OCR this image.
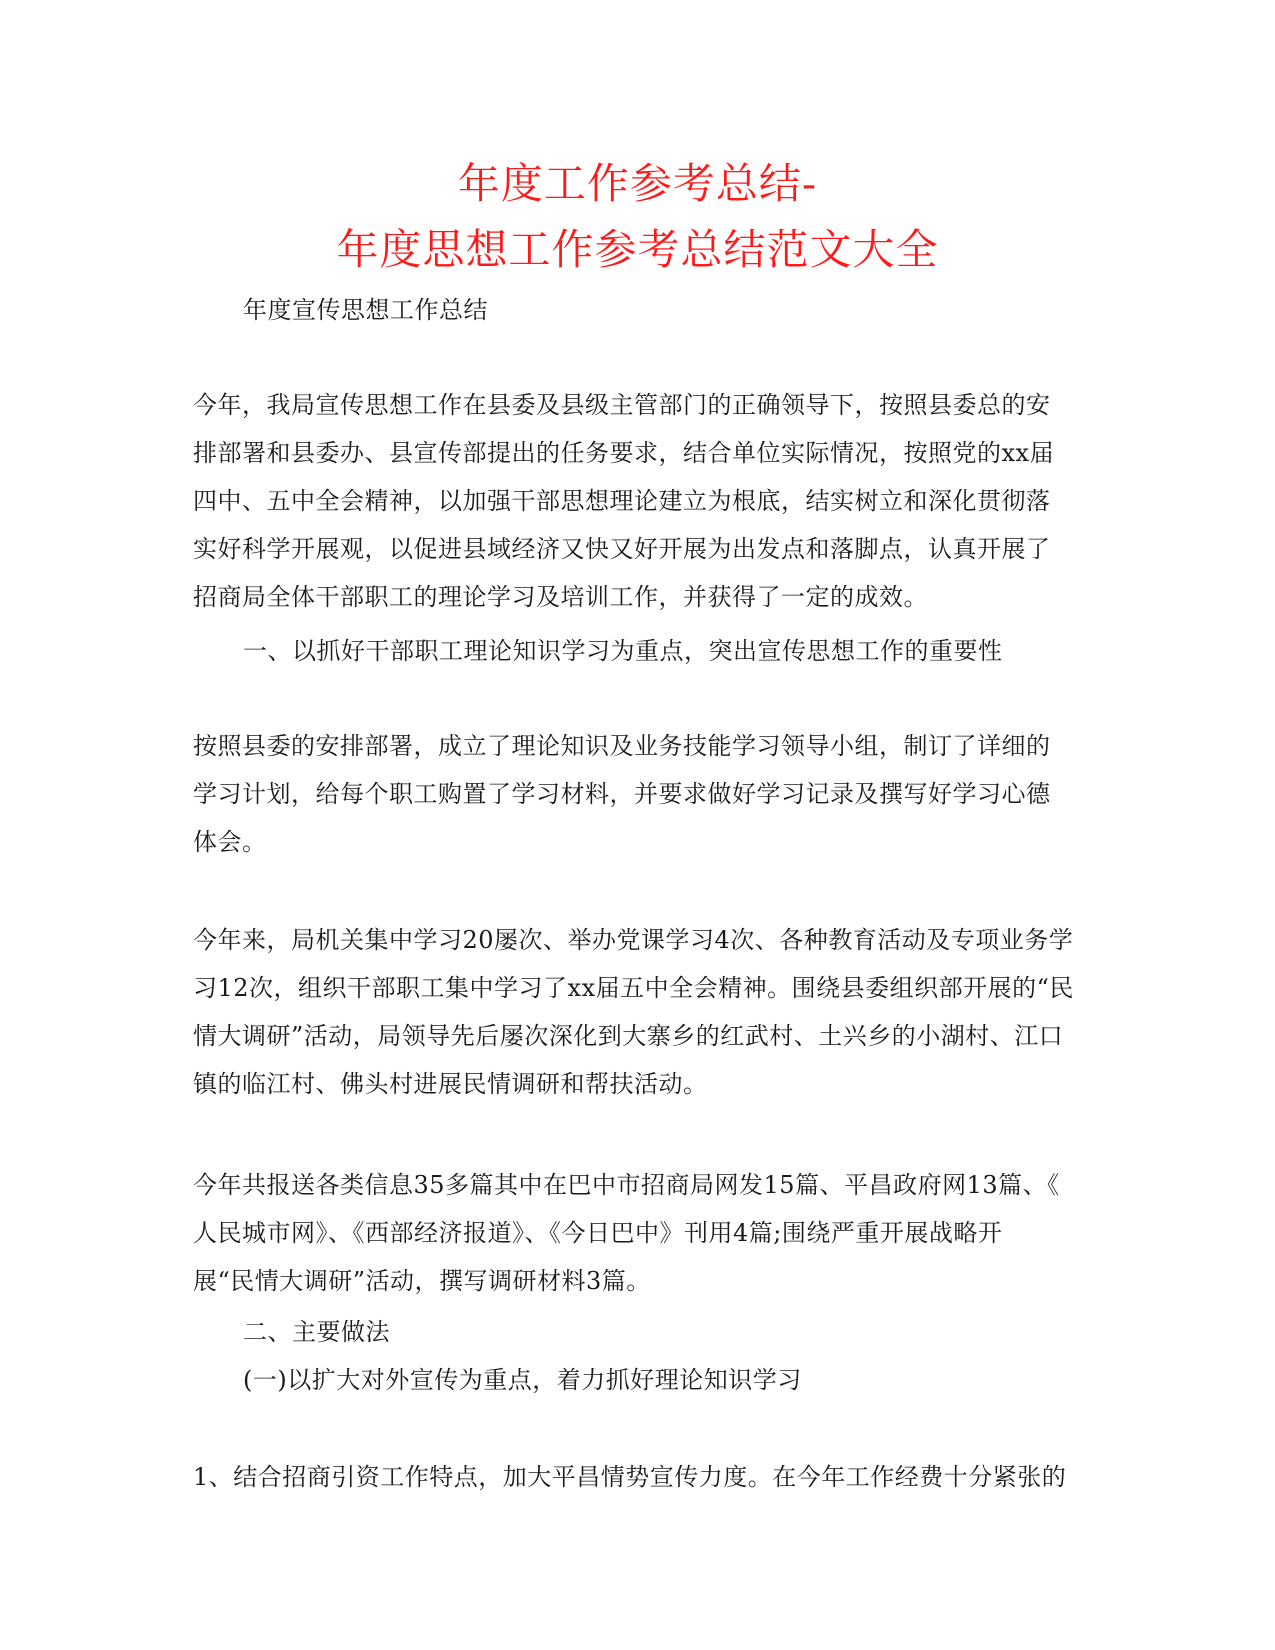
年度工作参考总结-
年度思想工作参考总结范文大全
年度宣传思想工作总结
今年，我局宣传思想工作在县委及县级主管部门的正确领导下，按照县委总的安
排部署和县委办、县宣传部提出的任务要求，结合单位实际情况，按照党的xx届
四中、五中全会精神，以加强干部思想理论建立为根底，结实树立和深化贯彻落
实好科学开展观，以促进县域经济又快又好开展为出发点和落脚点，认真开展了
招商局全体干部职工的理论学习及培训工作，并获得了一定的成效。
一、以抓好干部职工理论知识学习为重点，突出宣传思想工作的重要性
按照县委的安排部署，成立了理论知识及业务技能学习领导小组，制订了详细的
学习计划，给每个职工购置了学习材料，并要求做好学习记录及撰写好学习心德
体会。
今年来，局机关集中学习20屡次、举办党课学习4次、各种教育活动及专项业务学
习12次，组织干部职工集中学习了xx届五中全会精神。围绕县委组织部开展的“民
情大调研”活动，局领导先后屡次深化到大寨乡的红武村、土兴乡的小湖村、江口
镇的临江村、佛头村进展民情调研和帮扶活动。
今年共报送各类信息35多篇其中在巴中市招商局网发15篇、平昌政府网13篇、《
人民城市网》、《西部经济报道》、《今日巴中》刊用4篇;围绕严重开展战略开
展“民情大调研”活动，撰写调研材料3篇。
二、主要做法
(一)以扩大对外宣传为重点，着力抓好理论知识学习
1、结合招商引资工作特点，加大平昌情势宣传力度。在今年工作经费十分紧张的
